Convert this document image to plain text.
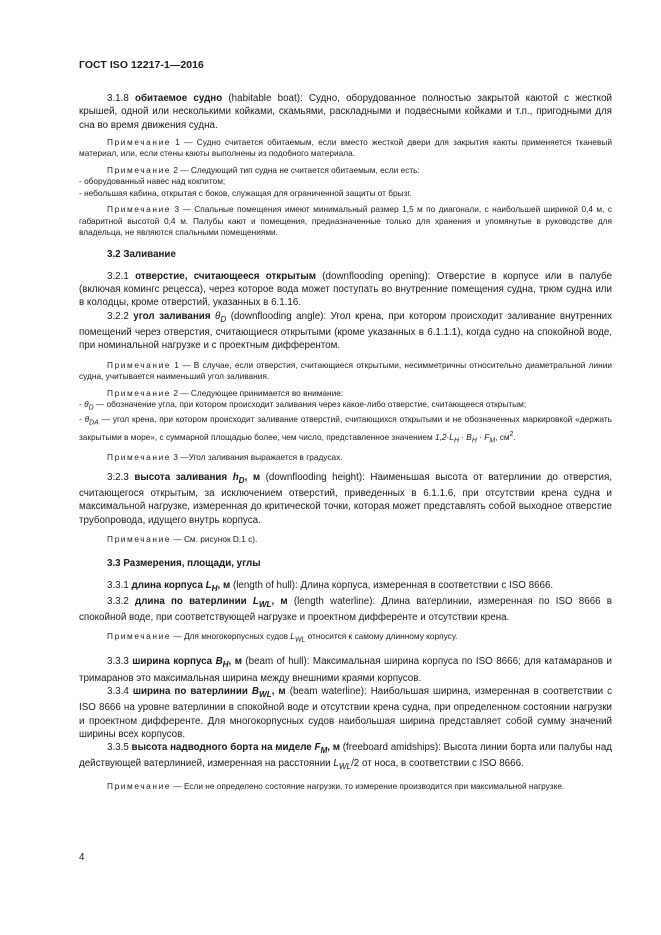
ГОСТ ISO 12217-1—2016

3.1.8 обитаемое судно (habitable boat): Судно, оборудованное полностью закрытой каютой с жесткой крышей, одной или несколькими койками, скамьями, раскладными и подвесными койками и т.п., пригодными для сна во время движения судна.

Примечание 1 — Судно считается обитаемым, если вместо жесткой двери для закрытия каюты применяется тканевый материал, или, если стены каюты выполнены из подобного материала.

Примечание 2 — Следующий тип судна не считается обитаемым, если есть:

- оборудованный навес над кокпитом;

- небольшая кабина, открытая с боков, служащая для ограниченной защиты от брызг.

Примечание 3 — Спальные помещения имеют минимальный размер 1,5 м по диагонали, с наибольшей шириной 0,4 м, с габаритной высотой 0,4 м. Палубы кают и помещения, предназначенные только для хранения и упомянутые в руководстве для владельца, не являются спальными помещениями.

3.2 Заливание

3.2.1 отверстие, считающееся открытым (downflooding opening): Отверстие в корпусе или в палубе (включая комингс рецесса), через которое вода может поступать во внутренние помещения судна, трюм судна или в колодцы, кроме отверстий, указанных в 6.1.16.

3.2.2 угол заливания $\theta_D$ (downflooding angle): Угол крена, при котором происходит заливание внутренних помещений через отверстия, считающиеся открытыми (кроме указанных в 6.1.1.1), когда судно на спокойной воде, при номинальной нагрузке и с проектным дифферентом.

Примечание 1 — В случае, если отверстия, считающиеся открытыми, несимметричны относительно диаметральной линии судна, учитывается наименьший угол заливания.

Примечание 2 — Следующее принимается во внимание:

- $\theta_D$ — обозначение угла, при котором происходит заливания через какое-либо отверстие, считающееся открытым;

- $\theta_{DA}$ — угол крена, при котором происходит заливание отверстий, считающихся открытыми и не обозначенных маркировкой «держать закрытыми в море», с суммарной площадью более, чем число, представленное значением $1,2\cdot L_H \cdot B_H \cdot F_M$, $см^2$.

Примечание 3 —Угол заливания выражается в градусах.

3.2.3 высота заливания $h_D$, м (downflooding height): Наименьшая высота от ватерлинии до отверстия, считающегося открытым, за исключением отверстий, приведенных в 6.1.1.6, при отсутствии крена судна и максимальной нагрузке, измеренная до критической точки, которая может представлять собой выходное отверстие трубопровода, идущего внутрь корпуса.

Примечание — См. рисунок D.1 с).

3.3 Размерения, площади, углы

3.3.1 длина корпуса $L_H$, м (length of hull): Длина корпуса, измеренная в соответствии с ISO 8666.

3.3.2 длина по ватерлинии $L_{WL}$, м (length waterline): Длина ватерлинии, измеренная по ISO 8666 в спокойной воде, при соответствующей нагрузке и проектном дифференте и отсутствии крена.

Примечание — Для многокорпусных судов $L_{WL}$ относится к самому длинному корпусу.

3.3.3 ширина корпуса $B_H$, м (beam of hull): Максимальная ширина корпуса по ISO 8666; для катамаранов и тримаранов это максимальная ширина между внешними краями корпусов.

3.3.4 ширина по ватерлинии $B_{WL}$, м (beam waterline): Наибольшая ширина, измеренная в соответствии с ISO 8666 на уровне ватерлинии в спокойной воде и отсутствии крена судна, при определенном состоянии нагрузки и проектном дифференте. Для многокорпусных судов наибольшая ширина представляет собой сумму значений ширины всех корпусов.

3.3.5 высота надводного борта на миделе $F_M$, м (freeboard amidships): Высота линии борта или палубы над действующей ватерлинией, измеренная на расстоянии $L_{WL}/2$ от носа, в соответствии с ISO 8666.

Примечание — Если не определено состояние нагрузки, то измерение производится при максимальной нагрузке.

4
